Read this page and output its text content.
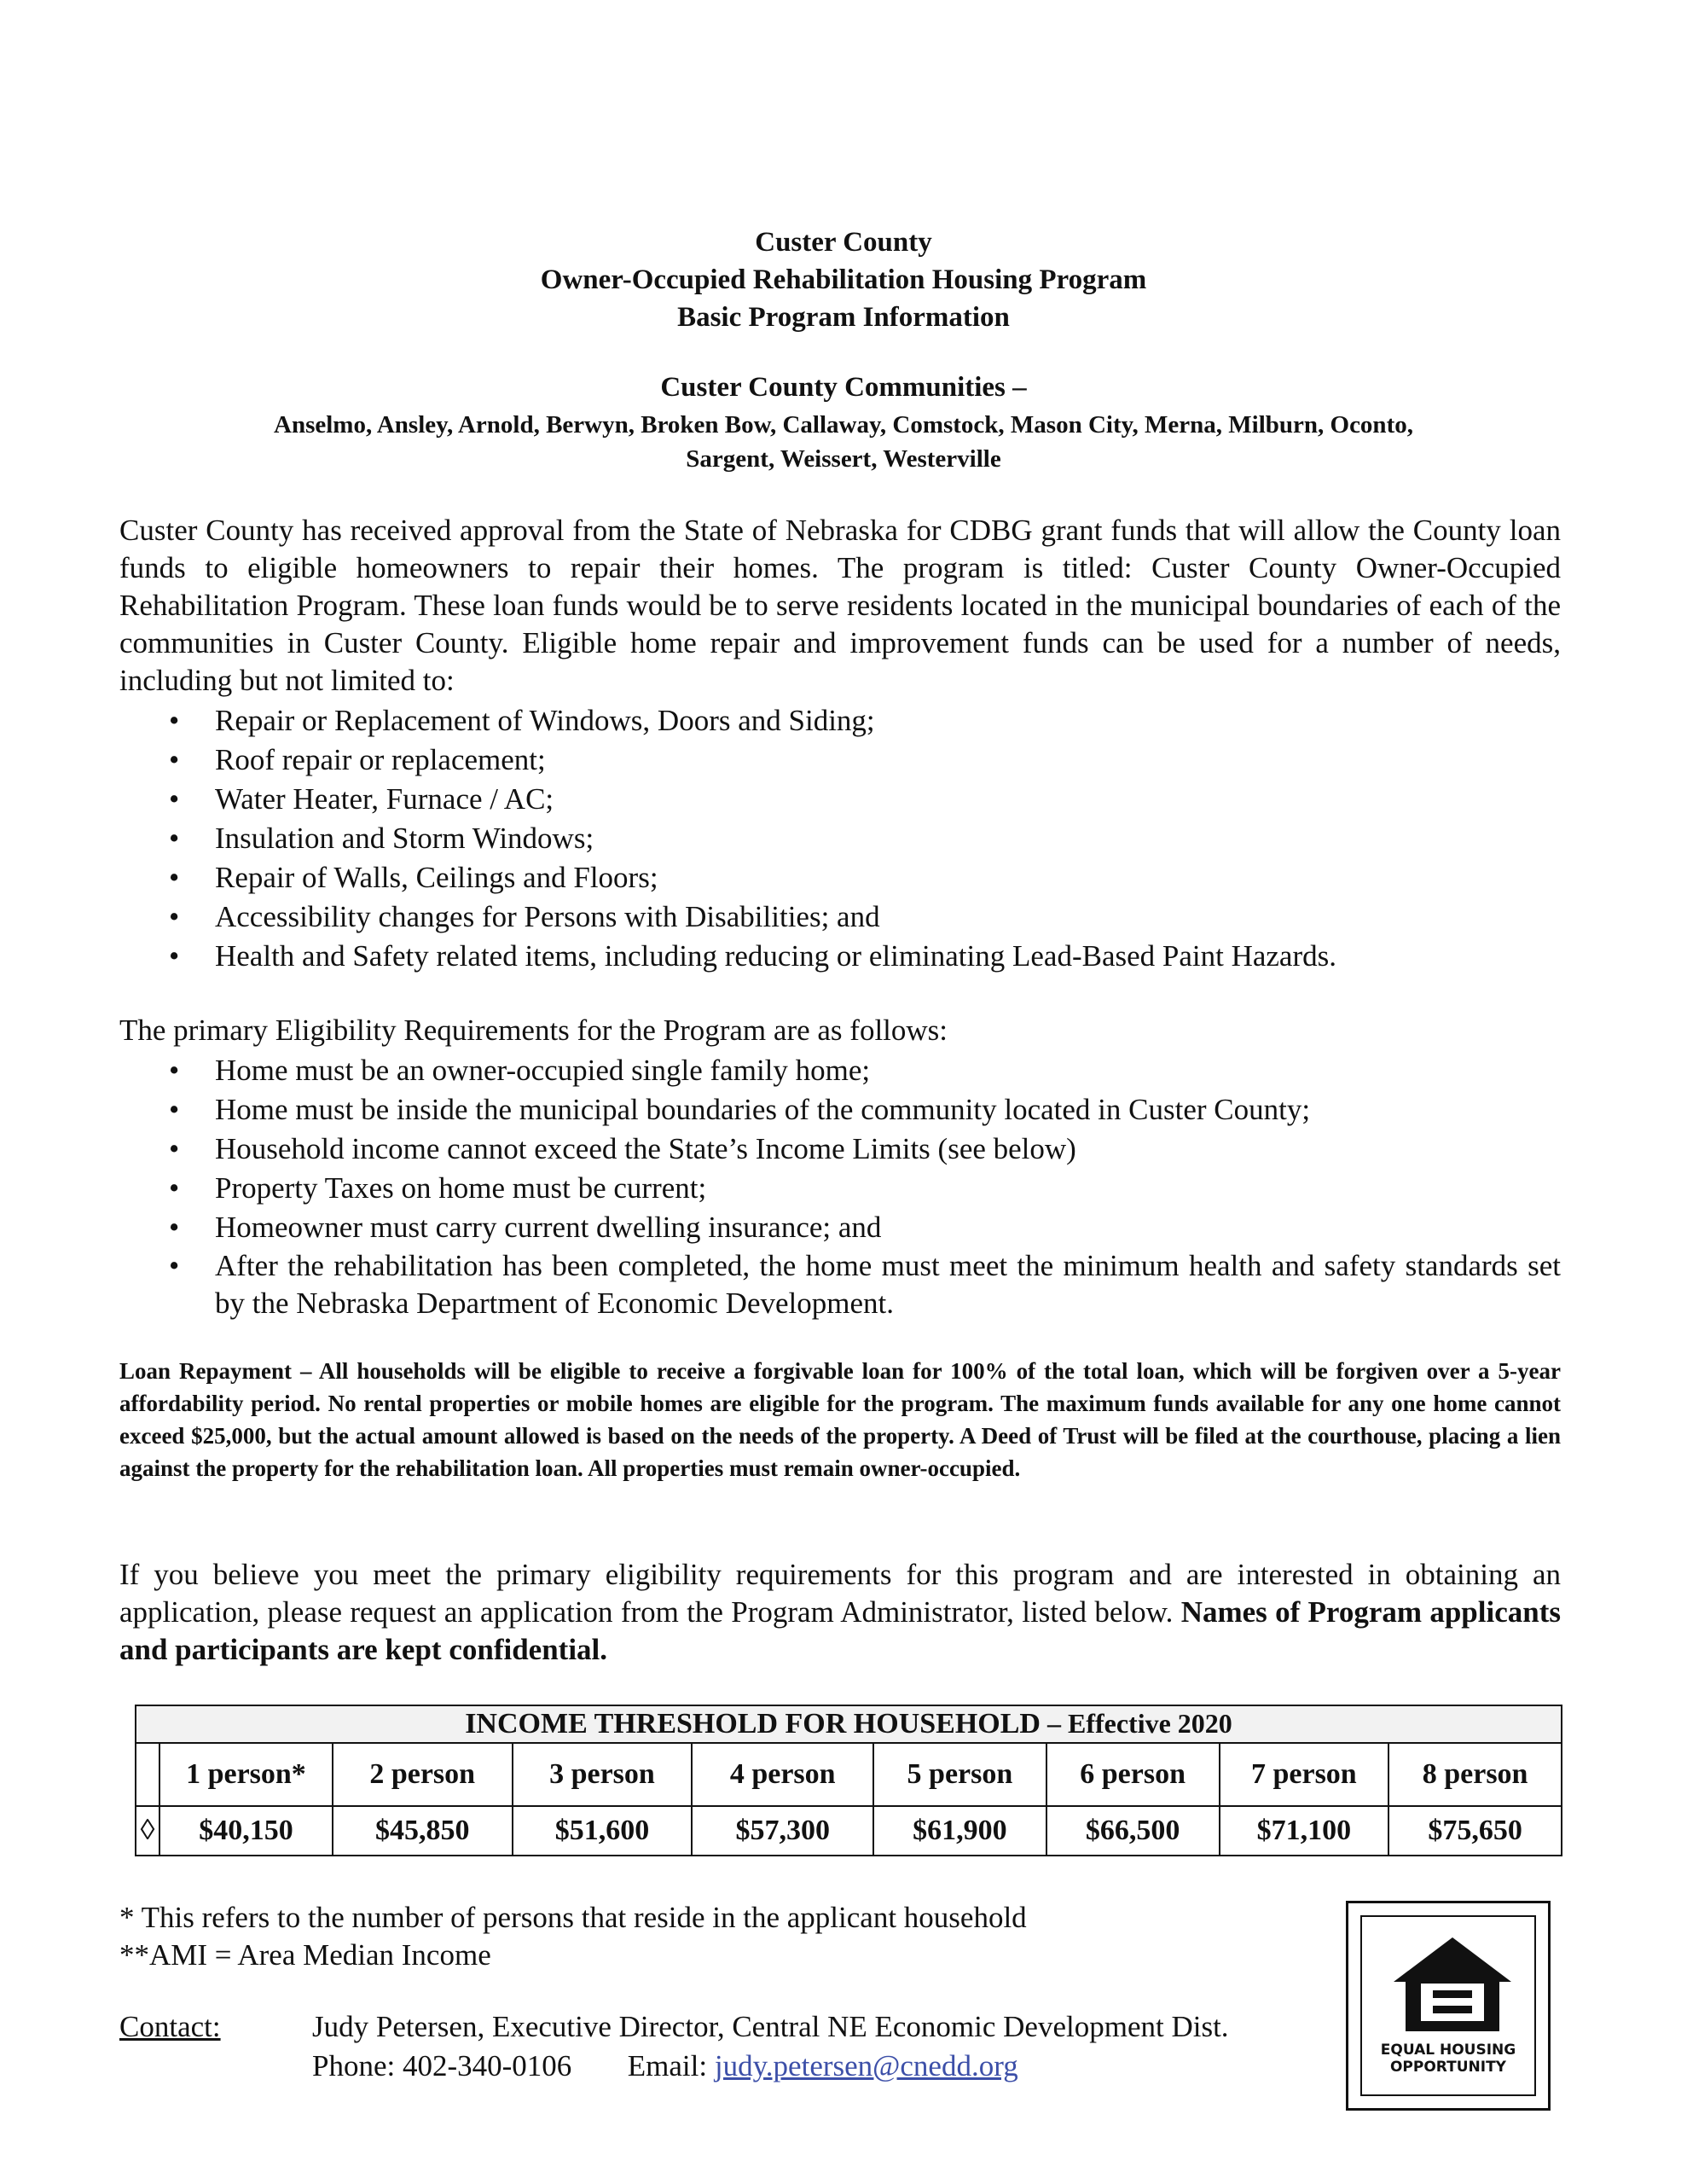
Custer County
Owner-Occupied Rehabilitation Housing Program
Basic Program Information
Custer County Communities –
Anselmo, Ansley, Arnold, Berwyn, Broken Bow, Callaway, Comstock, Mason City, Merna, Milburn, Oconto,
Sargent, Weissert, Westerville
Custer County has received approval from the State of Nebraska for CDBG grant funds that will allow the County loan funds to eligible homeowners to repair their homes. The program is titled: Custer County Owner-Occupied Rehabilitation Program. These loan funds would be to serve residents located in the municipal boundaries of each of the communities in Custer County. Eligible home repair and improvement funds can be used for a number of needs, including but not limited to:
• Repair or Replacement of Windows, Doors and Siding;
• Roof repair or replacement;
• Water Heater, Furnace / AC;
• Insulation and Storm Windows;
• Repair of Walls, Ceilings and Floors;
• Accessibility changes for Persons with Disabilities; and
• Health and Safety related items, including reducing or eliminating Lead-Based Paint Hazards.
The primary Eligibility Requirements for the Program are as follows:
• Home must be an owner-occupied single family home;
• Home must be inside the municipal boundaries of the community located in Custer County;
• Household income cannot exceed the State’s Income Limits (see below)
• Property Taxes on home must be current;
• Homeowner must carry current dwelling insurance; and
• After the rehabilitation has been completed, the home must meet the minimum health and safety standards set by the Nebraska Department of Economic Development.
Loan Repayment – All households will be eligible to receive a forgivable loan for 100% of the total loan, which will be forgiven over a 5-year affordability period. No rental properties or mobile homes are eligible for the program. The maximum funds available for any one home cannot exceed $25,000, but the actual amount allowed is based on the needs of the property. A Deed of Trust will be filed at the courthouse, placing a lien against the property for the rehabilitation loan. All properties must remain owner-occupied.
If you believe you meet the primary eligibility requirements for this program and are interested in obtaining an application, please request an application from the Program Administrator, listed below. Names of Program applicants and participants are kept confidential.
INCOME THRESHOLD FOR HOUSEHOLD – Effective 2020								
	1 person*	2 person	3 person	4 person	5 person	6 person	7 person	8 person
◊	$40,150	$45,850	$51,600	$57,300	$61,900	$66,500	$71,100	$75,650
* This refers to the number of persons that reside in the applicant household
**AMI = Area Median Income
Contact:	Judy Petersen, Executive Director, Central NE Economic Development Dist.
Phone: 402-340-0106 Email: judy.petersen@cnedd.org	EQUAL HOUSING
OPPORTUNITY
